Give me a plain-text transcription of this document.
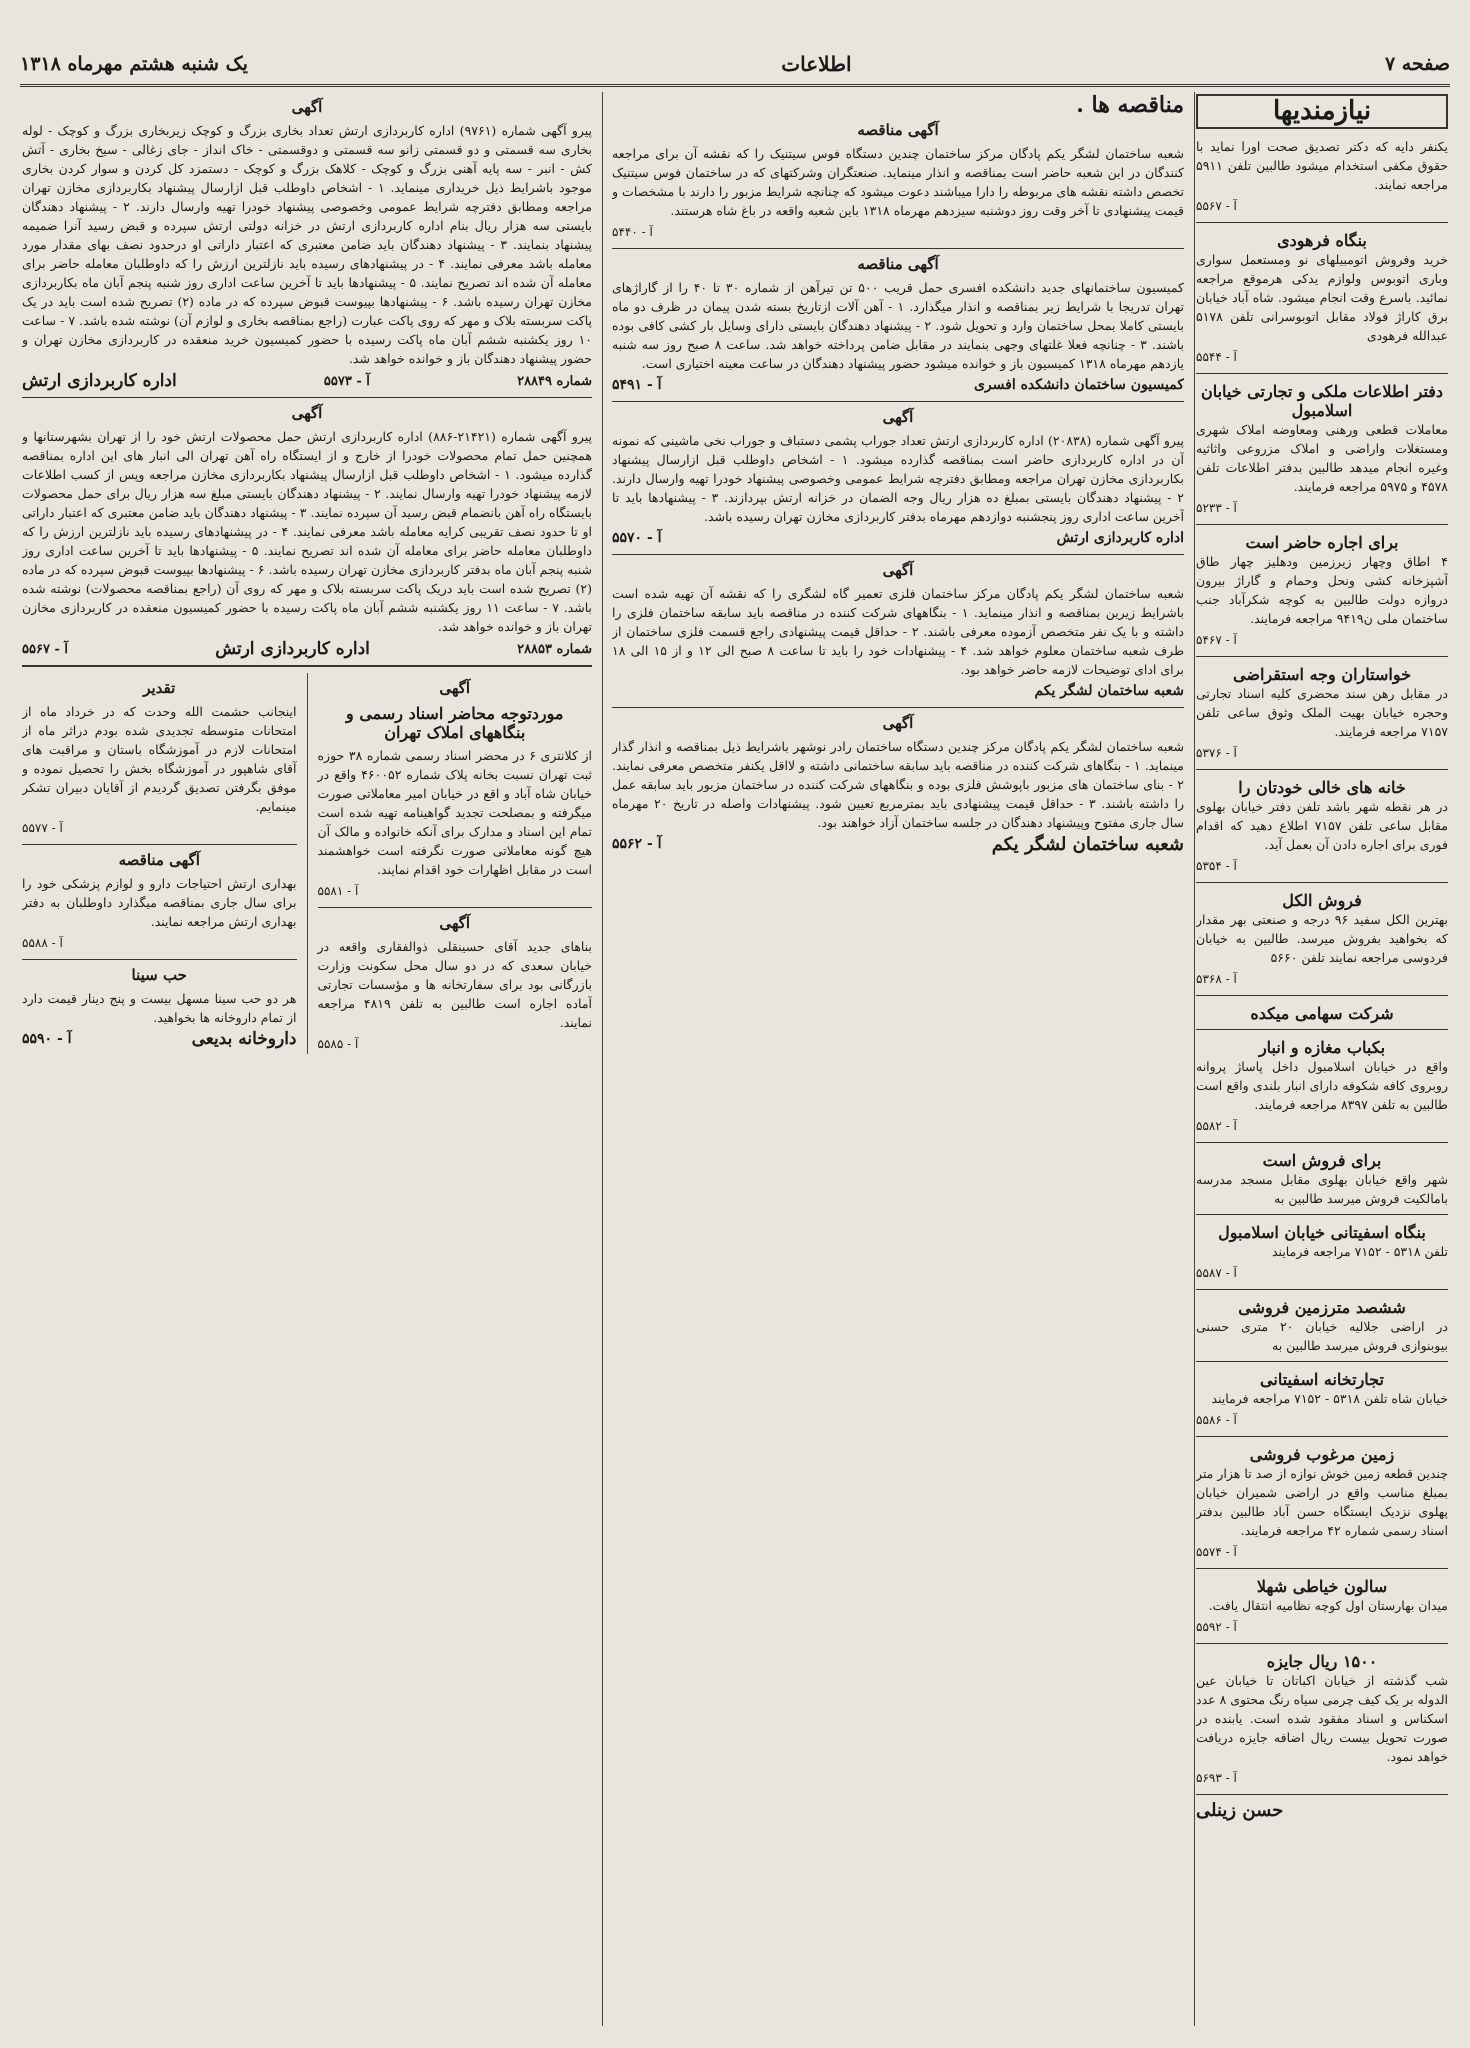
صفحه ۷
اطلاعات
یک شنبه هشتم مهرماه ۱۳۱۸
نیازمندیها

یکنفر دایه که دکتر تصدیق صحت اورا نماید با حقوق مکفی استخدام میشود طالبین تلفن ۵۹۱۱ مراجعه نمایند.

آ - ۵۵۶۷
بنگاه فرهودی

خرید وفروش اتومبیلهای نو ومستعمل سواری وباری اتوبوس ولوازم یدکی هرموقع مراجعه نمائید. باسرع وقت انجام میشود. شاه آباد خیابان برق کاراژ فولاد مقابل اتوبوسرانی تلفن ۵۱۷۸ عبدالله فرهودی

آ - ۵۵۴۴
دفتر اطلاعات ملکی و تجارتی خیابان اسلامبول

معاملات قطعی ورهنی ومعاوضه املاک شهری ومستغلات واراضی و املاک مزروعی واثاثیه وغیره انجام میدهد طالبین بدفتر اطلاعات تلفن ۴۵۷۸ و ۵۹۷۵ مراجعه فرمایند.

آ - ۵۲۳۳
برای اجاره حاضر است

۴ اطاق وچهار زیرزمین ودهلیز چهار طاق آشپزخانه کشی ونحل وحمام و گاراژ بیرون دروازه دولت طالبین به کوچه شکرآباد جنب ساختمان ملی ن۹۴۱۹ مراجعه فرمایند.

آ - ۵۴۶۷
خواستاران وجه استقراضی

در مقابل رهن سند محضری کلیه اسناد تجارتی وحجره خیابان بهیت الملک وثوق ساعی تلفن ۷۱۵۷ مراجعه فرمایند.

آ - ۵۳۷۶
خانه های خالی خودتان را

در هر نقطه شهر باشد تلفن دفتر خیابان بهلوی مقابل ساعی تلفن ۷۱۵۷ اطلاع دهید که اقدام فوری برای اجاره دادن آن بعمل آید.

آ - ۵۳۵۴
فروش الکل

بهترین الکل سفید ۹۶ درجه و صنعتی بهر مقدار که بخواهید بفروش میرسد. طالبین به خیابان فردوسی مراجعه نمایند تلفن ۵۶۶۰

آ - ۵۳۶۸
شرکت سهامی میکده
بکباب مغازه و انبار

واقع در خیابان اسلامبول داخل پاساژ پروانه روبروی کافه شکوفه دارای انبار بلندی واقع است طالبین به تلفن ۸۳۹۷ مراجعه فرمایند.

آ - ۵۵۸۲
برای فروش است

شهر واقع خیابان بهلوی مقابل مسجد مدرسه بامالکیت فروش میرسد طالبین به

بنگاه اسفیتانی خیابان اسلامبول

تلفن ۵۳۱۸ - ۷۱۵۲ مراجعه فرمایند

آ - ۵۵۸۷
ششصد مترزمین فروشی

در اراضی جلالیه خیابان ۲۰ متری حسنی بیوبنوازی فروش میرسد طالبین به

تجارتخانه اسفیتانی

خیابان شاه تلفن ۵۳۱۸ - ۷۱۵۲ مراجعه فرمایند

آ - ۵۵۸۶
زمین مرغوب فروشی

چندین قطعه زمین خوش نوازه از صد تا هزار متر بمبلغ مناسب واقع در اراضی شمیران خیابان پهلوی نزدیک ایستگاه حسن آباد طالبین بدفتر اسناد رسمی شماره ۴۲ مراجعه فرمایند.

آ - ۵۵۷۴
سالون خیاطی شهلا

میدان بهارستان اول کوچه نظامیه انتقال یافت.

آ - ۵۵۹۲
۱۵۰۰ ریال جایزه

شب گذشته از خیابان اکباتان تا خیابان عین الدوله بر یک کیف چرمی سیاه رنگ محتوی ۸ عدد اسکناس و اسناد مفقود شده است. یابنده در صورت تحویل بیست ریال اضافه جایزه دریافت خواهد نمود.

آ - ۵۶۹۳
حسن زینلی
مناقصه ها .
آگهی مناقصه

شعبه ساختمان لشگر یکم پادگان مرکز ساختمان چندین دستگاه فوس سیتنیک را که نقشه آن برای مراجعه کنندگان در این شعبه حاضر است بمناقصه و انذار مینماید. صنعتگران وشرکتهای که در ساختمان فوس سیتنیک تخصص داشته نقشه های مربوطه را دارا میباشند دعوت میشود که چنانچه شرایط مزبور را دارند با مشخصات و قیمت پیشنهادی تا آخر وقت روز دوشنبه سیزدهم مهرماه ۱۳۱۸ باین شعبه واقعه در باغ شاه هرستند.

آ - ۵۴۴۰
آگهی مناقصه

کمیسیون ساختمانهای جدید دانشکده افسری حمل قریب ۵۰۰ تن تیرآهن از شماره ۳۰ تا ۴۰ را از گاراژهای تهران تدریجا با شرایط زیر بمناقصه و انذار میگذارد. ۱ - آهن آلات ازتاریخ بسته شدن پیمان در ظرف دو ماه بایستی کاملا بمحل ساختمان وارد و تحویل شود. ۲ - پیشنهاد دهندگان بایستی دارای وسایل بار کشی کافی بوده باشند. ۳ - چنانچه فعلا غلتهای وجهی بنمایند در مقابل ضامن پرداخته خواهد شد. ساعت ۸ صبح روز سه شنبه یازدهم مهرماه ۱۳۱۸ کمیسیون باز و خوانده میشود حضور پیشنهاد دهندگان در ساعت معینه اختیاری است.

کمیسیون ساختمان دانشکده افسری
آ - ۵۴۹۱
آگهی

پیرو آگهی شماره (۲۰۸۳۸) اداره کاربردازی ارتش تعداد جوراب پشمی دستباف و جوراب نخی ماشینی که نمونه آن در اداره کاربردازی حاضر است بمناقصه گذارده میشود. ۱ - اشخاص داوطلب قبل ازارسال پیشنهاد بکاربردازی مخازن تهران مراجعه ومطابق دفترچه شرایط عمومی وخصوصی پیشنهاد خودرا تهیه وارسال دارند. ۲ - پیشنهاد دهندگان بایستی بمبلغ ده هزار ریال وجه الضمان در خزانه ارتش بپردازند. ۳ - پیشنهادها باید تا آخرین ساعت اداری روز پنجشنبه دوازدهم مهرماه بدفتر کاربردازی مخازن تهران رسیده باشد.

اداره کاربردازی ارتش
آ - ۵۵۷۰
آگهی

شعبه ساختمان لشگر یکم پادگان مرکز ساختمان فلزی تعمیر گاه لشگری را که نقشه آن تهیه شده است باشرایط زیرین بمناقصه و انذار مینماید. ۱ - بنگاههای شرکت کننده در مناقصه باید سابقه ساختمان فلزی را داشته و با یک نفر متخصص آزموده معرفی باشند. ۲ - حداقل قیمت پیشنهادی راجع قسمت فلزی ساختمان از طرف شعبه ساختمان معلوم خواهد شد. ۴ - پیشنهادات خود را باید تا ساعت ۸ صبح الی ۱۲ و از ۱۵ الی ۱۸ برای ادای توضیحات لازمه حاضر خواهد بود.

شعبه ساختمان لشگر یکم
آگهی

شعبه ساختمان لشگر یکم پادگان مرکز چندین دستگاه ساختمان رادر نوشهر باشرایط ذیل بمناقصه و انذار گذار مینماید. ۱ - بنگاهای شرکت کننده در مناقصه باید سابقه ساختمانی داشته و لااقل یکنفر متخصص معرفی نمایند. ۲ - بنای ساختمان های مزبور باپوشش فلزی بوده و بنگاههای شرکت کننده در ساختمان مزبور باید سابقه عمل را داشته باشند. ۳ - حداقل قیمت پیشنهادی باید بمترمربع تعیین شود. پیشنهادات واصله در تاریخ ۲۰ مهرماه سال جاری مفتوح وپیشنهاد دهندگان در جلسه ساختمان آزاد خواهند بود.

شعبه ساختمان لشگر یکم
آ - ۵۵۶۲
آگهی

پیرو آگهی شماره (۹۷۶۱) اداره کاربردازی ارتش تعداد بخاری بزرگ و کوچک زیربخاری بزرگ و کوچک - لوله بخاری سه قسمتی و دو قسمتی زانو سه قسمتی و دوقسمتی - خاک انداز - جای زغالی - سیخ بخاری - آتش کش - انبر - سه پایه آهنی بزرگ و کوچک - کلاهک بزرگ و کوچک - دستمزد کل کردن و سوار کردن بخاری موجود باشرایط ذیل خریداری مینماید. ۱ - اشخاص داوطلب قبل ازارسال پیشنهاد بکاربردازی مخازن تهران مراجعه ومطابق دفترچه شرایط عمومی وخصوصی پیشنهاد خودرا تهیه وارسال دارند. ۲ - پیشنهاد دهندگان بایستی سه هزار ریال بنام اداره کاربردازی ارتش در خزانه دولتی ارتش سپرده و قبض رسید آنرا ضمیمه پیشنهاد بنمایند. ۳ - پیشنهاد دهندگان باید ضامن معتبری که اعتبار داراتی او درحدود نصف بهای مقدار مورد معامله باشد معرفی نمایند. ۴ - در پیشنهادهای رسیده باید نازلترین ارزش را که داوطلبان معامله حاضر برای معامله آن شده اند تصریح نمایند. ۵ - پیشنهادها باید تا آخرین ساعت اداری روز شنبه پنجم آبان ماه بکاربردازی مخازن تهران رسیده باشد. ۶ - پیشنهادها بپیوست قبوض سپرده که در ماده (۲) تصریح شده است باید در یک پاکت سربسته بلاک و مهر که روی پاکت عبارت (راجع بمناقصه بخاری و لوازم آن) نوشته شده باشد. ۷ - ساعت ۱۰ روز یکشنبه ششم آبان ماه پاکت رسیده با حضور کمیسیون خرید منعقده در کاربردازی مخازن تهران و حضور پیشنهاد دهندگان باز و خوانده خواهد شد.

شماره ۲۸۸۴۹
آ - ۵۵۷۳
اداره کاربردازی ارتش
آگهی

پیرو آگهی شماره (۲۱۴۲۱-۸۸۶) اداره کاربردازی ارتش حمل محصولات ارتش خود را از تهران بشهرستانها و همچنین حمل تمام محصولات خودرا از خارج و از ایستگاه راه آهن تهران الی انبار های این اداره بمناقصه گذارده میشود. ۱ - اشخاص داوطلب قبل ازارسال پیشنهاد بکاربردازی مخازن مراجعه وپس از کسب اطلاعات لازمه پیشنهاد خودرا تهیه وارسال نمایند. ۲ - پیشنهاد دهندگان بایستی مبلغ سه هزار ریال برای حمل محصولات بایستگاه راه آهن بانضمام قبض رسید آن سپرده نمایند. ۳ - پیشنهاد دهندگان باید ضامن معتبری که اعتبار داراتی او تا حدود نصف تقریبی کرایه معامله باشد معرفی نمایند. ۴ - در پیشنهادهای رسیده باید نازلترین ارزش را که داوطلبان معامله حاضر برای معامله آن شده اند تصریح نمایند. ۵ - پیشنهادها باید تا آخرین ساعت اداری روز شنبه پنجم آبان ماه بدفتر کاربردازی مخازن تهران رسیده باشد. ۶ - پیشنهادها بپیوست قبوض سپرده که در ماده (۲) تصریح شده است باید دریک پاکت سربسته بلاک و مهر که روی آن (راجع بمناقصه محصولات) نوشته شده باشد. ۷ - ساعت ۱۱ روز یکشنبه ششم آبان ماه پاکت رسیده با حضور کمیسیون منعقده در کاربردازی مخازن تهران باز و خوانده خواهد شد.

شماره ۲۸۸۵۳
اداره کاربردازی ارتش
آ - ۵۵۶۷
آگهی
موردتوجه محاضر اسناد رسمی و بنگاههای املاک تهران

از کلانتری ۶ در محضر اسناد رسمی شماره ۳۸ حوزه ثبت تهران نسبت بخانه پلاک شماره ۴۶۰۰۵۲ واقع در خیابان شاه آباد و اقع در خیابان امیر معاملاتی صورت میگرفته و بمصلحت تجدید گواهینامه تهیه شده است تمام این اسناد و مدارک برای آنکه خانواده و مالک آن هیچ گونه معاملاتی صورت نگرفته است خواهشمند است در مقابل اظهارات خود اقدام نمایند.

آ - ۵۵۸۱
آگهی

بناهای جدید آقای حسینقلی ذوالفقاری واقعه در خیابان سعدی که در دو سال محل سکونت وزارت بازرگانی بود برای سفارتخانه ها و مؤسسات تجارتی آماده اجاره است طالبین به تلفن ۴۸۱۹ مراجعه نمایند.

آ - ۵۵۸۵
تقدیر

اینجانب حشمت الله وحدت که در خرداد ماه از امتحانات متوسطه تجدیدی شده بودم دراثر ماه از امتحانات لازم در آموزشگاه باستان و مراقبت های آقای شاهپور در آموزشگاه بخش را تحصیل نموده و موفق بگرفتن تصدیق گردیدم از آقایان دبیران تشکر مینمایم.

آ - ۵۵۷۷
آگهی مناقصه

بهداری ارتش احتیاجات دارو و لوازم پزشکی خود را برای سال جاری بمناقصه میگذارد داوطلبان به دفتر بهداری ارتش مراجعه نمایند.

آ - ۵۵۸۸
حب سینا

هر دو حب سینا مسهل بیست و پنج دینار قیمت دارد از تمام داروخانه ها بخواهید.

داروخانه بدیعی
آ - ۵۵۹۰
